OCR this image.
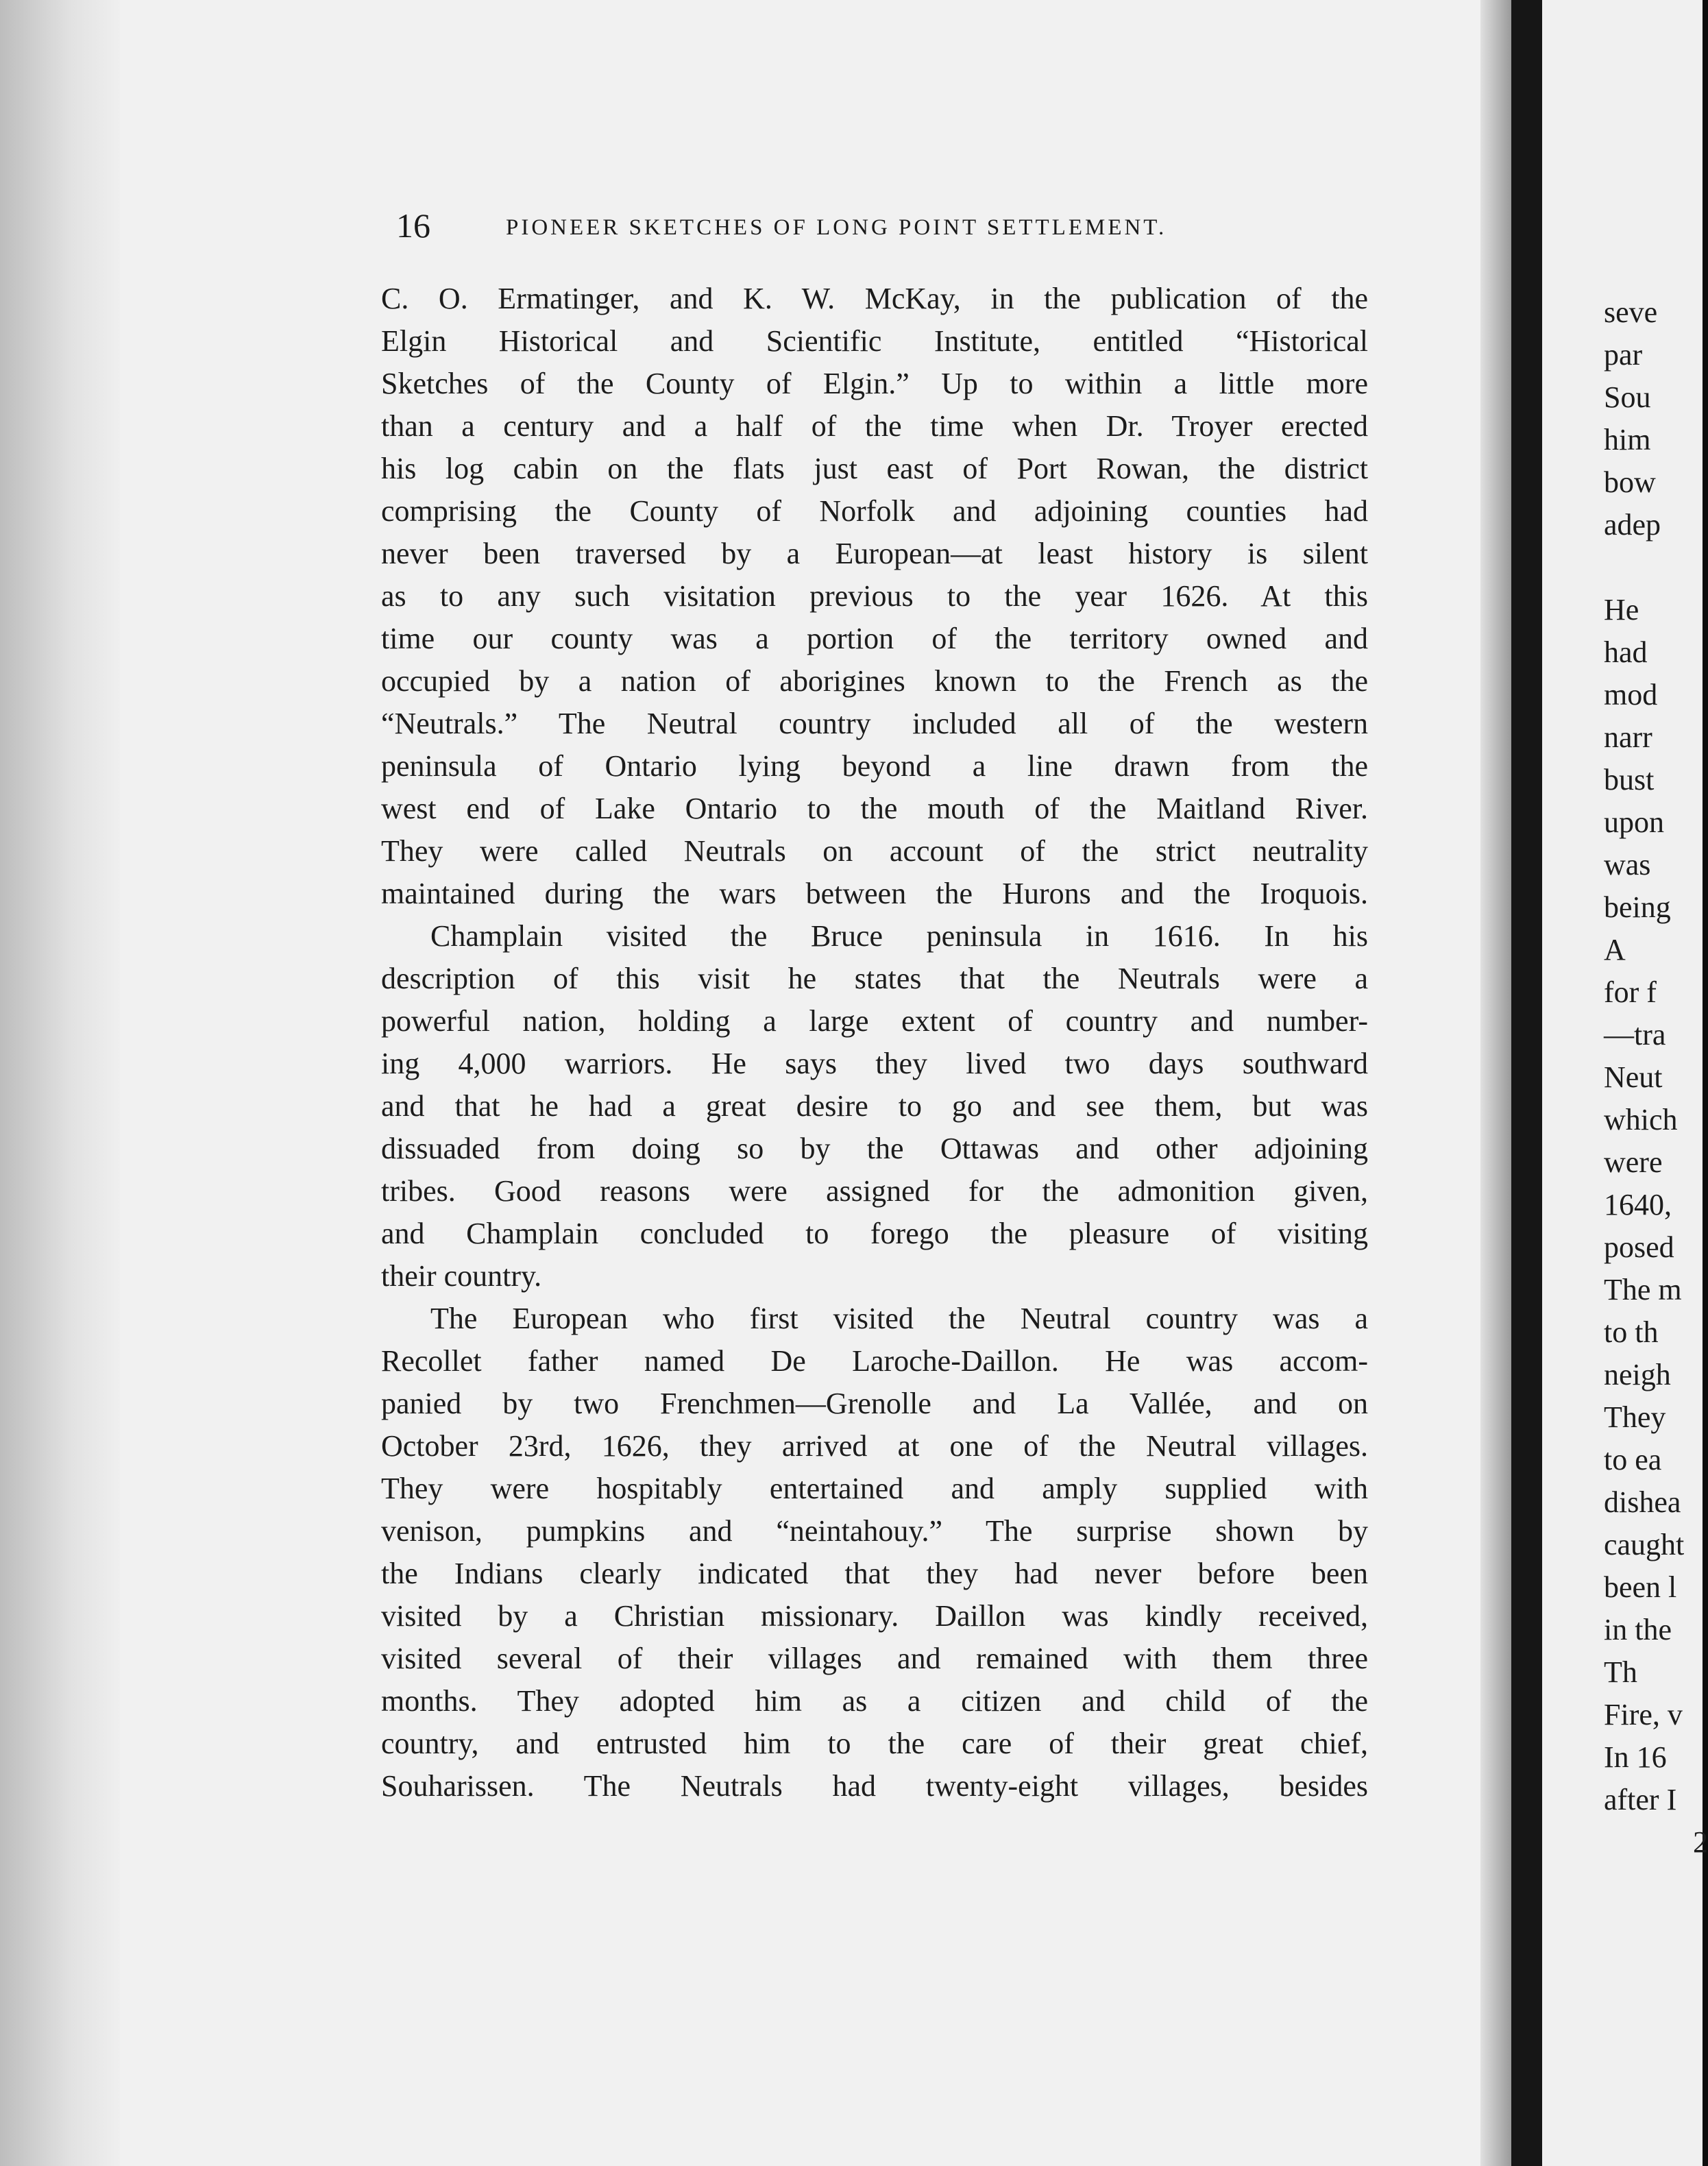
16	PIONEER SKETCHES OF LONG POINT SETTLEMENT.
C. O. Ermatinger, and K. W. McKay, in the publication of the
Elgin Historical and Scientific Institute, entitled “Historical
Sketches of the County of Elgin.” Up to within a little more
than a century and a half of the time when Dr. Troyer erected
his log cabin on the flats just east of Port Rowan, the district
comprising the County of Norfolk and adjoining counties had
never been traversed by a European—at least history is silent
as to any such visitation previous to the year 1626. At this
time our county was a portion of the territory owned and
occupied by a nation of aborigines known to the French as the
“Neutrals.” The Neutral country included all of the western
peninsula of Ontario lying beyond a line drawn from the
west end of Lake Ontario to the mouth of the Maitland River.
They were called Neutrals on account of the strict neutrality
maintained during the wars between the Hurons and the Iroquois.
Champlain visited the Bruce peninsula in 1616. In his
description of this visit he states that the Neutrals were a
powerful nation, holding a large extent of country and number-
ing 4,000 warriors. He says they lived two days southward
and that he had a great desire to go and see them, but was
dissuaded from doing so by the Ottawas and other adjoining
tribes. Good reasons were assigned for the admonition given,
and Champlain concluded to forego the pleasure of visiting
their country.
The European who first visited the Neutral country was a
Recollet father named De Laroche-Daillon. He was accom-
panied by two Frenchmen—Grenolle and La Vallée, and on
October 23rd, 1626, they arrived at one of the Neutral villages.
They were hospitably entertained and amply supplied with
venison, pumpkins and “neintahouy.” The surprise shown by
the Indians clearly indicated that they had never before been
visited by a Christian missionary. Daillon was kindly received,
visited several of their villages and remained with them three
months. They adopted him as a citizen and child of the
country, and entrusted him to the care of their great chief,
Souharissen. The Neutrals had twenty-eight villages, besides
seve
par
Sou
him
bow
adep
He
had
mod
narr
bust
upon
was
being
A
for f
—tra
Neut
which
were
1640,
posed
The m
to th
neigh
They
to ea
dishea
caught
been l
in the
Th
Fire, v
In 16
after I
2
